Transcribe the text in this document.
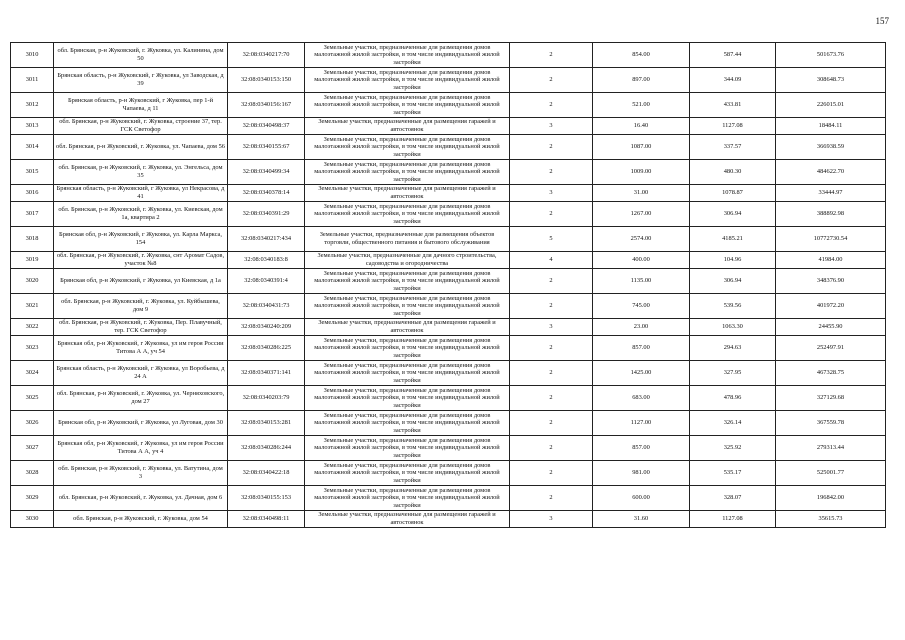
157
3010	обл. Брянская, р-н Жуковский, г. Жуковка, ул. Калинина, дом 50	32:08:0340217:70	Земельные участки, предназначенные для размещения домов малоэтажной жилой застройки, в том числе индивидуальной жилой застройки	2	854.00	587.44	501673.76
3011	Брянская область, р-н Жуковский, г Жуковка, ул Заводская, д 39	32:08:0340153:150	Земельные участки, предназначенные для размещения домов малоэтажной жилой застройки, в том числе индивидуальной жилой застройки	2	897.00	344.09	308648.73
3012	Брянская область, р-н Жуковский, г Жуковка, пер 1-й Чапаева, д 11	32:08:0340156:167	Земельные участки, предназначенные для размещения домов малоэтажной жилой застройки, в том числе индивидуальной жилой застройки	2	521.00	433.81	226015.01
3013	обл. Брянская, р-н Жуковский, г. Жуковка, строение 37, тер. ГСК Светофор	32:08:0340498:37	Земельные участки, предназначенные для размещения гаражей и автостоянок	3	16.40	1127.08	18484.11
3014	обл. Брянская, р-н Жуковский, г. Жуковка, ул. Чапаева, дом 56	32:08:0340155:67	Земельные участки, предназначенные для размещения домов малоэтажной жилой застройки, в том числе индивидуальной жилой застройки	2	1087.00	337.57	366938.59
3015	обл. Брянская, р-н Жуковский, г. Жуковка, ул. Энгельса, дом 35	32:08:0340499:34	Земельные участки, предназначенные для размещения домов малоэтажной жилой застройки, в том числе индивидуальной жилой застройки	2	1009.00	480.30	484622.70
3016	Брянская область, р-н Жуковский, г Жуковка, ул Некрасова, д 41	32:08:0340378:14	Земельные участки, предназначенные для размещения гаражей и автостоянок	3	31.00	1078.87	33444.97
3017	обл. Брянская, р-н Жуковский, г. Жуковка, ул. Киевская, дом 1а, квартира 2	32:08:0340391:29	Земельные участки, предназначенные для размещения домов малоэтажной жилой застройки, в том числе индивидуальной жилой застройки	2	1267.00	306.94	388892.98
3018	Брянская обл, р-н Жуковский, г Жуковка, ул. Карла Маркса, 154	32:08:0340217:434	Земельные участки, предназначенные для размещения объектов торговли, общественного питания и бытового обслуживания	5	2574.00	4185.21	10772730.54
3019	обл. Брянская, р-н Жуковский, г. Жуковка, снт Аромат Садов, участок №8	32:08:0340183:8	Земельные участки, предназначенные для дачного строительства, садоводства и огородничества	4	400.00	104.96	41984.00
3020	Брянская обл, р-н Жуковский, г Жуковка, ул Киевская, д 1а	32:08:0340391:4	Земельные участки, предназначенные для размещения домов малоэтажной жилой застройки, в том числе индивидуальной жилой застройки	2	1135.00	306.94	348376.90
3021	обл. Брянская, р-н Жуковский, г. Жуковка, ул. Куйбышева, дом 9	32:08:0340431:73	Земельные участки, предназначенные для размещения домов малоэтажной жилой застройки, в том числе индивидуальной жилой застройки	2	745.00	539.56	401972.20
3022	обл. Брянская, р-н Жуковский, г. Жуковка, Пер. Плавучный, тер. ГСК Светофор	32:08:0340240:209	Земельные участки, предназначенные для размещения гаражей и автостоянок	3	23.00	1063.30	24455.90
3023	Брянская обл, р-н Жуковский, г Жуковка, ул им героя России Титова А А, уч 54	32:08:0340286:225	Земельные участки, предназначенные для размещения домов малоэтажной жилой застройки, в том числе индивидуальной жилой застройки	2	857.00	294.63	252497.91
3024	Брянская область, р-н Жуковский, г Жуковка, ул Воробьева, д 24 А	32:08:0340371:141	Земельные участки, предназначенные для размещения домов малоэтажной жилой застройки, в том числе индивидуальной жилой застройки	2	1425.00	327.95	467328.75
3025	обл. Брянская, р-н Жуковский, г. Жуковка, ул. Черняховского, дом 27	32:08:0340203:79	Земельные участки, предназначенные для размещения домов малоэтажной жилой застройки, в том числе индивидуальной жилой застройки	2	683.00	478.96	327129.68
3026	Брянская обл, р-н Жуковский, г Жуковка, ул Луговая, дом 30	32:08:0340153:281	Земельные участки, предназначенные для размещения домов малоэтажной жилой застройки, в том числе индивидуальной жилой застройки	2	1127.00	326.14	367559.78
3027	Брянская обл, р-н Жуковский, г Жуковка, ул им героя России Титова А А, уч 4	32:08:0340286:244	Земельные участки, предназначенные для размещения домов малоэтажной жилой застройки, в том числе индивидуальной жилой застройки	2	857.00	325.92	279313.44
3028	обл. Брянская, р-н Жуковский, г. Жуковка, ул. Ватутина, дом 3	32:08:0340422:18	Земельные участки, предназначенные для размещения домов малоэтажной жилой застройки, в том числе индивидуальной жилой застройки	2	981.00	535.17	525001.77
3029	обл. Брянская, р-н Жуковский, г. Жуковка, ул. Дачная, дом 6	32:08:0340155:153	Земельные участки, предназначенные для размещения домов малоэтажной жилой застройки, в том числе индивидуальной жилой застройки	2	600.00	328.07	196842.00
3030	обл. Брянская, р-н Жуковский, г. Жуковка, дом 54	32:08:0340498:11	Земельные участки, предназначенные для размещения гаражей и автостоянок	3	31.60	1127.08	35615.73
